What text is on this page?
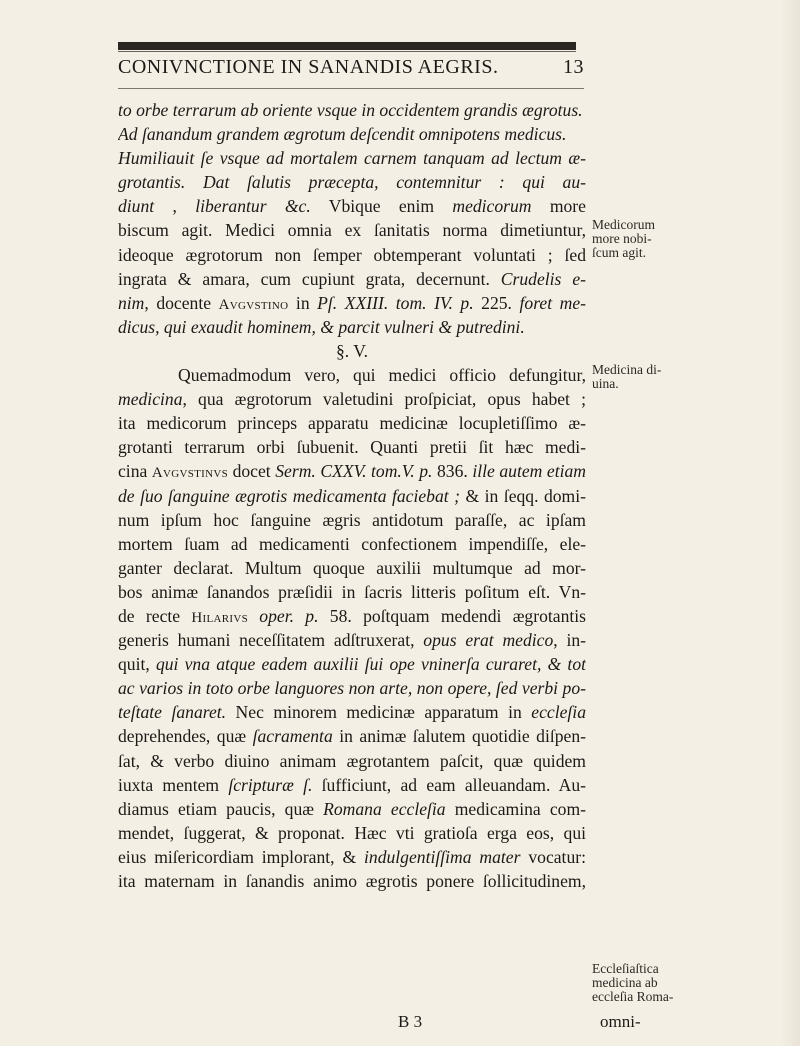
CONIVNCTIONE IN SANANDIS AEGRIS.	13
to orbe terrarum ab oriente vsque in occidentem grandis ægrotus.
Ad ſanandum grandem ægrotum deſcendit omnipotens medicus.
Humiliauit ſe vsque ad mortalem carnem tanquam ad lectum æ-
grotantis. Dat ſalutis præcepta, contemnitur : qui au-
diunt , liberantur &c. Vbique enim medicorum more
biscum agit. Medici omnia ex ſanitatis norma dimetiuntur,
ideoque ægrotorum non ſemper obtemperant voluntati ; ſed
ingrata & amara, cum cupiunt grata, decernunt. Crudelis e-
nim, docente Avgvstino in Pſ. XXIII. tom. IV. p. 225. foret me-
dicus, qui exaudit hominem, & parcit vulneri & putredini.
§. V.
Quemadmodum vero, qui medici officio defungitur,
medicina, qua ægrotorum valetudini proſpiciat, opus habet ;
ita medicorum princeps apparatu medicinæ locupletiſſimo æ-
grotanti terrarum orbi ſubuenit. Quanti pretii ſit hæc medi-
cina Avgvstinvs docet Serm. CXXV. tom.V. p. 836. ille autem etiam
de ſuo ſanguine ægrotis medicamenta faciebat ; & in ſeqq. domi-
num ipſum hoc ſanguine ægris antidotum paraſſe, ac ipſam
mortem ſuam ad medicamenti confectionem impendiſſe, ele-
ganter declarat. Multum quoque auxilii multumque ad mor-
bos animæ ſanandos præſidii in ſacris litteris poſitum eſt. Vn-
de recte Hilarivs oper. p. 58. poſtquam medendi ægrotantis
generis humani neceſſitatem adſtruxerat, opus erat medico, in-
quit, qui vna atque eadem auxilii ſui ope vninerſa curaret, & tot
ac varios in toto orbe languores non arte, non opere, ſed verbi po-
teſtate ſanaret. Nec minorem medicinæ apparatum in eccleſia
deprehendes, quæ ſacramenta in animæ ſalutem quotidie diſpen-
ſat, & verbo diuino animam ægrotantem paſcit, quæ quidem
iuxta mentem ſcripturæ ſ. ſufficiunt, ad eam alleuandam. Au-
diamus etiam paucis, quæ Romana eccleſia medicamina com-
mendet, ſuggerat, & proponat. Hæc vti gratioſa erga eos, qui
eius miſericordiam implorant, & indulgentiſſima mater vocatur:
ita maternam in ſanandis animo ægrotis ponere ſollicitudinem,
Medicorum
more nobi-
ſcum agit.
Medicina di-
uina.
Eccleſiaſtica
medicina ab
eccleſia Roma-
B 3	omni-
